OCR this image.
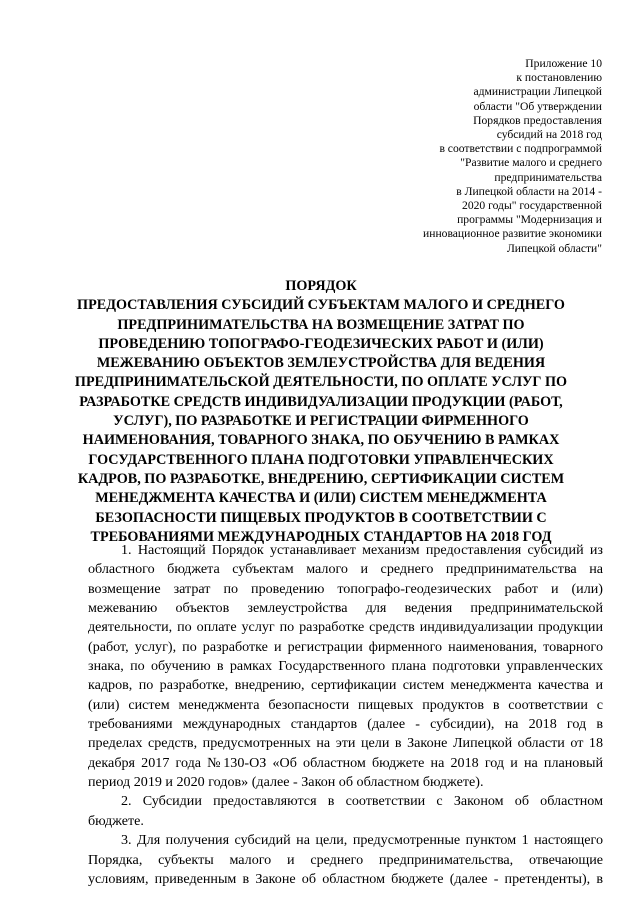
Приложение 10
к постановлению
администрации Липецкой
области "Об утверждении
Порядков предоставления
субсидий на 2018 год
в соответствии с подпрограммой
"Развитие малого и среднего
предпринимательства
в Липецкой области на 2014 -
2020 годы" государственной
программы "Модернизация и
инновационное развитие экономики
Липецкой области"
ПОРЯДОК
ПРЕДОСТАВЛЕНИЯ СУБСИДИЙ СУБЪЕКТАМ МАЛОГО И СРЕДНЕГО
ПРЕДПРИНИМАТЕЛЬСТВА НА ВОЗМЕЩЕНИЕ ЗАТРАТ ПО
ПРОВЕДЕНИЮ ТОПОГРАФО-ГЕОДЕЗИЧЕСКИХ РАБОТ И (ИЛИ)
МЕЖЕВАНИЮ ОБЪЕКТОВ ЗЕМЛЕУСТРОЙСТВА ДЛЯ ВЕДЕНИЯ
ПРЕДПРИНИМАТЕЛЬСКОЙ ДЕЯТЕЛЬНОСТИ, ПО ОПЛАТЕ УСЛУГ ПО
РАЗРАБОТКЕ СРЕДСТВ ИНДИВИДУАЛИЗАЦИИ ПРОДУКЦИИ (РАБОТ,
УСЛУГ), ПО РАЗРАБОТКЕ И РЕГИСТРАЦИИ ФИРМЕННОГО
НАИМЕНОВАНИЯ, ТОВАРНОГО ЗНАКА, ПО ОБУЧЕНИЮ В РАМКАХ
ГОСУДАРСТВЕННОГО ПЛАНА ПОДГОТОВКИ УПРАВЛЕНЧЕСКИХ
КАДРОВ, ПО РАЗРАБОТКЕ, ВНЕДРЕНИЮ, СЕРТИФИКАЦИИ СИСТЕМ
МЕНЕДЖМЕНТА КАЧЕСТВА И (ИЛИ) СИСТЕМ МЕНЕДЖМЕНТА
БЕЗОПАСНОСТИ ПИЩЕВЫХ ПРОДУКТОВ В СООТВЕТСТВИИ С
ТРЕБОВАНИЯМИ МЕЖДУНАРОДНЫХ СТАНДАРТОВ НА 2018 ГОД
1. Настоящий Порядок устанавливает механизм предоставления субсидий из
областного бюджета субъектам малого и среднего предпринимательства на
возмещение затрат по проведению топографо-геодезических работ и (или)
межеванию объектов землеустройства для ведения предпринимательской
деятельности, по оплате услуг по разработке средств индивидуализации продукции
(работ, услуг), по разработке и регистрации фирменного наименования, товарного
знака, по обучению в рамках Государственного плана подготовки управленческих
кадров, по разработке, внедрению, сертификации систем менеджмента качества и
(или) систем менеджмента безопасности пищевых продуктов в соответствии с
требованиями международных стандартов (далее - субсидии), на 2018 год в
пределах средств, предусмотренных на эти цели в Законе Липецкой области от 18
декабря 2017 года №130-ОЗ «Об областном бюджете на 2018 год и на плановый
период 2019 и 2020 годов» (далее - Закон об областном бюджете).
2. Субсидии предоставляются в соответствии с Законом об областном
бюджете.
3. Для получения субсидий на цели, предусмотренные пунктом 1 настоящего
Порядка, субъекты малого и среднего предпринимательства, отвечающие
условиям, приведенным в Законе об областном бюджете (далее - претенденты), в
